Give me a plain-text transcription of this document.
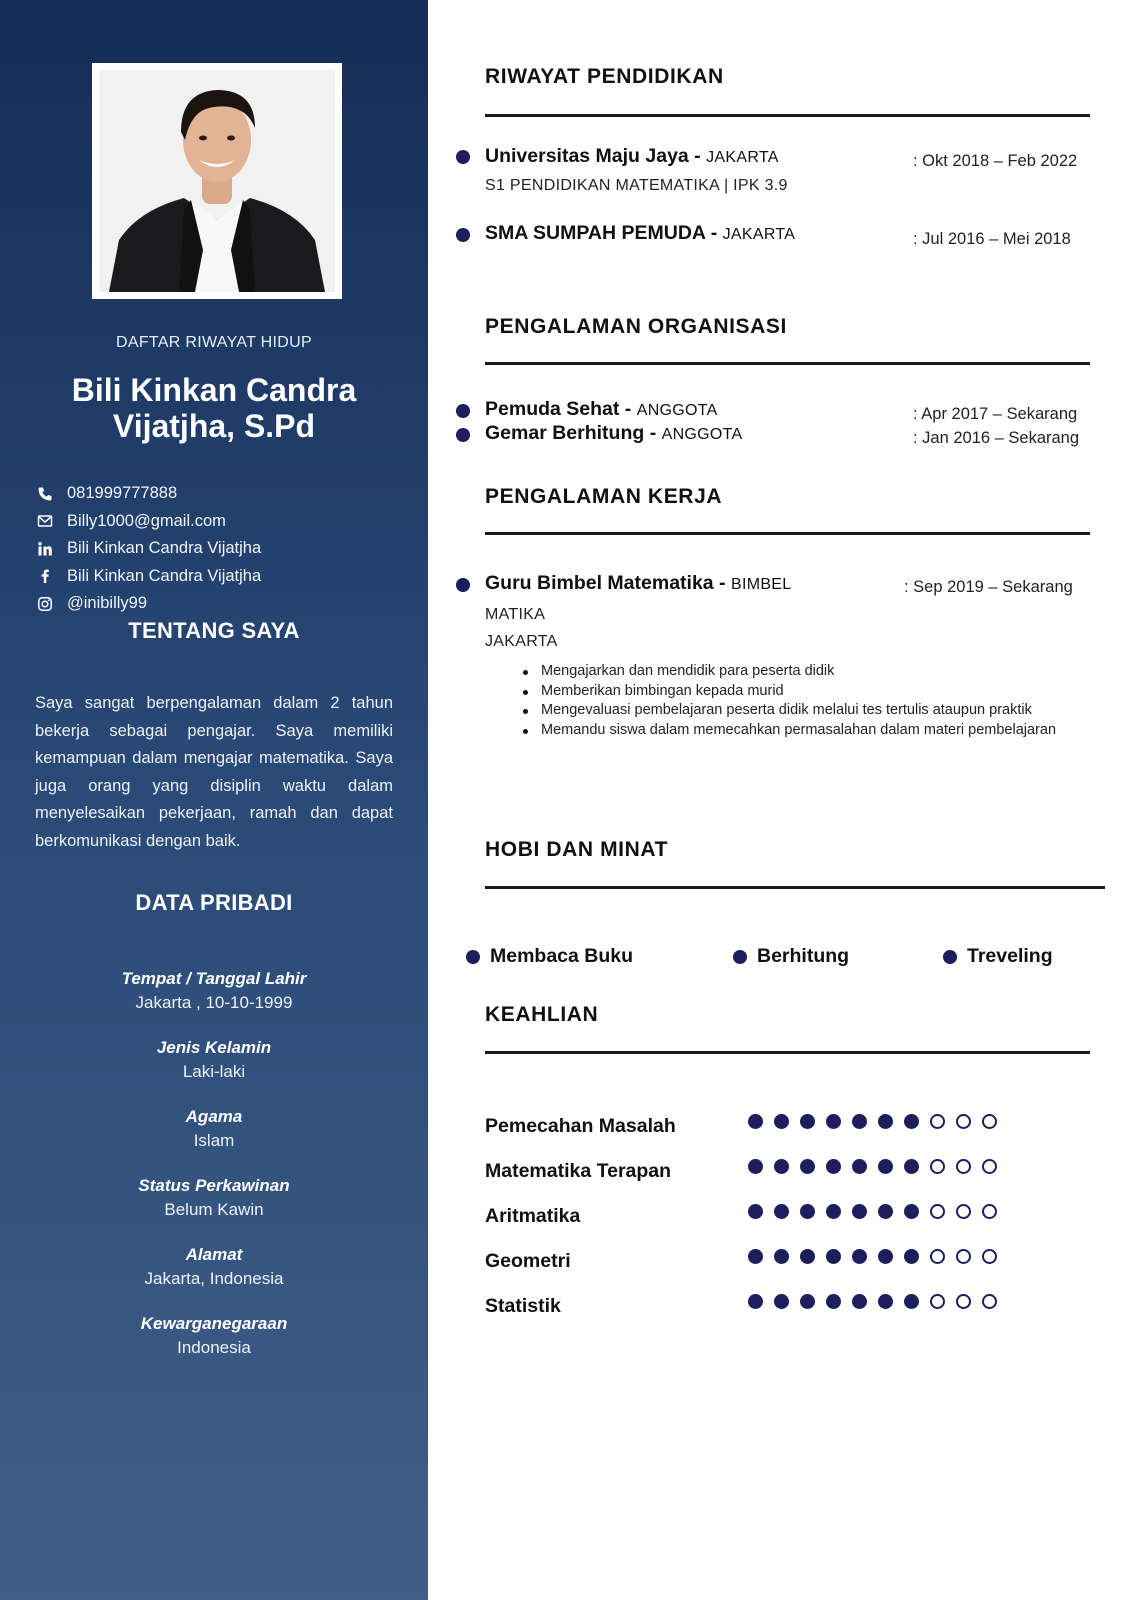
DAFTAR RIWAYAT HIDUP
Bili Kinkan Candra
Vijatjha, S.Pd
081999777888
Billy1000@gmail.com
Bili Kinkan Candra Vijatjha
Bili Kinkan Candra Vijatjha
@inibilly99
TENTANG SAYA

Saya sangat berpengalaman dalam 2 tahun bekerja sebagai pengajar. Saya memiliki kemampuan dalam mengajar matematika. Saya juga orang yang disiplin waktu dalam menyelesaikan pekerjaan, ramah dan dapat berkomunikasi dengan baik.

DATA PRIBADI
Tempat / Tanggal Lahir
Jakarta , 10-10-1999
Jenis Kelamin
Laki-laki
Agama
Islam
Status Perkawinan
Belum Kawin
Alamat
Jakarta, Indonesia
Kewarganegaraan
Indonesia
RIWAYAT PENDIDIKAN
Universitas Maju Jaya - JAKARTA
S1 PENDIDIKAN MATEMATIKA | IPK 3.9
: Okt 2018 – Feb 2022
SMA SUMPAH PEMUDA - JAKARTA	: Jul 2016 – Mei 2018
PENGALAMAN ORGANISASI
Pemuda Sehat - ANGGOTA	: Apr 2017 – Sekarang
Gemar Berhitung - ANGGOTA	: Jan 2016 – Sekarang
PENGALAMAN KERJA
Guru Bimbel Matematika - BIMBEL
MATIKA
JAKARTA
: Sep 2019 – Sekarang
Mengajarkan dan mendidik para peserta didik
Memberikan bimbingan kepada murid
Mengevaluasi pembelajaran peserta didik melalui tes tertulis ataupun praktik
Memandu siswa dalam memecahkan permasalahan dalam materi pembelajaran
HOBI DAN MINAT
Membaca Buku	Berhitung	Treveling
KEAHLIAN
Pemecahan Masalah
Matematika Terapan
Aritmatika
Geometri
Statistik
